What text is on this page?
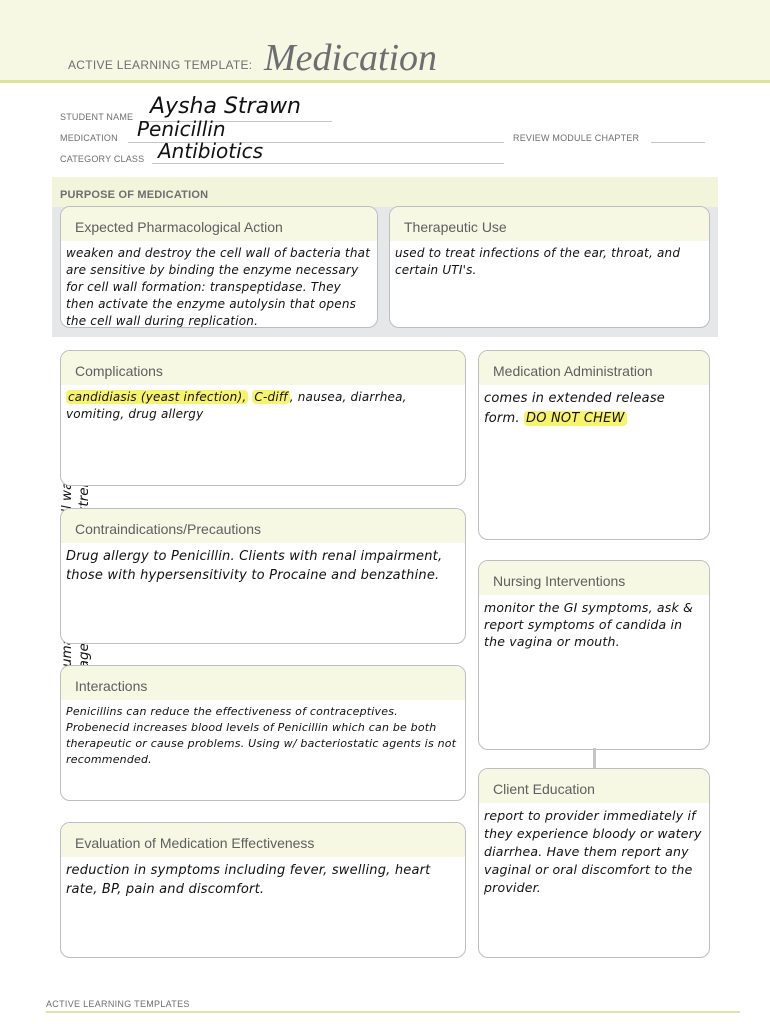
ACTIVE LEARNING TEMPLATE: Medication
STUDENT NAME Aysha Strawn
MEDICATION Penicillin	REVIEW MODULE CHAPTER
CATEGORY CLASS Antibiotics
PURPOSE OF MEDICATION
Expected Pharmacological Action
weaken and destroy the cell wall of bacteria that are sensitive by binding the enzyme necessary for cell wall formation: transpeptidase. They then activate the enzyme autolysin that opens the cell wall during replication.
Therapeutic Use
used to treat infections of the ear, throat, and certain UTI's.
Complications
candidiasis (yeast infection), C-diff , nausea, diarrhea, vomiting, drug allergy
Medication Administration
comes in extended release form. DO NOT CHEW
Contraindications/Precautions
Drug allergy to Penicillin. Clients with renal impairment, those with hypersensitivity to Procaine and benzathine.	Nursing Interventions
monitor the GI symptoms, ask & report symptoms of candida in the vagina or mouth.
Interactions
Penicillins can reduce the effectiveness of contraceptives. Probenecid increases blood levels of Penicillin which can be both therapeutic or cause problems. Using w/ bacteriostatic agents is not recommended.
Client Education
report to provider immediately if they experience bloody or watery diarrhea. Have them report any vaginal or oral discomfort to the provider.
Evaluation of Medication Effectiveness
reduction in symptoms including fever, swelling, heart rate, BP, pain and discomfort.
ACTIVE LEARNING TEMPLATES
